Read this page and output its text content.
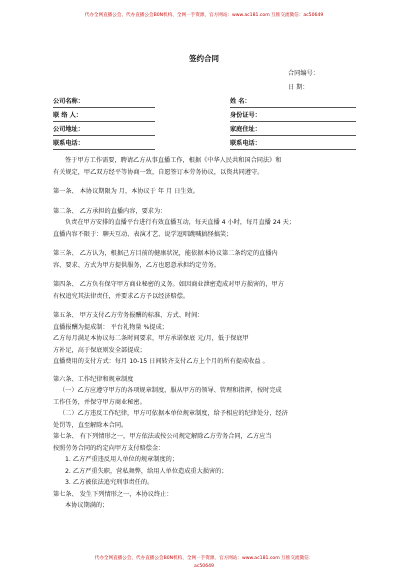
代办全网直播公会、代办直播公会B0N机构、全网一手资源，官方网站：www.ac181.com 互推交流微信：ac50649
签约合同
合同编号：
日 期：
公司名称：	姓 名：
联 络 人：	身份证号：
公司地址：	家庭住址：
联系电话：	联系电话：
签于甲方工作需要，聘请乙方从事直播工作，根据《中华人民共和国合同法》和
有关规定，甲乙双方经平等协商一致，自愿签订本劳务协议，以资共同遵守。
第一条、 本协议期限为 月，本协议于 年 月 日生效。
第二条、 乙方承担的直播内容，要求为：
负责在甲方安排的直播平台进行有效直播互动，每天直播 4 小时，每月直播 24 天；
直播内容不限于：聊天互动、表演才艺、说学逗唱跳喊搞怪搞笑；
第三条、 乙方认为，根据己方目前的健康状况，能依据本协议第二条约定的直播内
容、要求、方式为甲方提供服务，乙方也愿意承担约定劳务。
第四条、 乙方负有保守甲方商业秘密的义务。如因商业泄密造成对甲方损害的，甲方
有权追究其法律责任，并要求乙方予以经济赔偿。
第五条、 甲方支付乙方劳务报酬的标准、方式、时间：
直播报酬为提成制： 平台礼物量 %提成；
乙方每月满足本协议每二条时间要求，甲方承诺保底 元/月，低于保底甲
方补足，高于保底则发全部提成；
直播费用的支付方式：每月 10-15 日间转齐支付乙方上个月的所有提成收益 。
第六条、工作纪律和规章制度
（一）乙方应遵守甲方的各项规章制度，服从甲方的领导、管理和指挥，按时完成
工作任务，并保守甲方商业秘密。
（二）乙方违反工作纪律，甲方可依据本单位规章制度，给予相应的纪律处分，经济
处罚等，直至解除本合同。
第七条、 有下列情形之一，甲方依法或按公司规定解除乙方劳务合同，乙方应当
按照劳务合同的约定向甲方支付赔偿金：
1. 乙方严重违反用人单位的规章制度的；
2. 乙方严重失职，营私舞弊，给用人单位造成重大损害的；
3. 乙方被依法追究刑事责任的。
第七条、 发生下列情形之一，本协议终止：
本协议期满的；
代办全网直播公会、代办直播公会B0N机构、全网一手资源，官方网站：www.ac181.com 互推交流微信：
ac50649
